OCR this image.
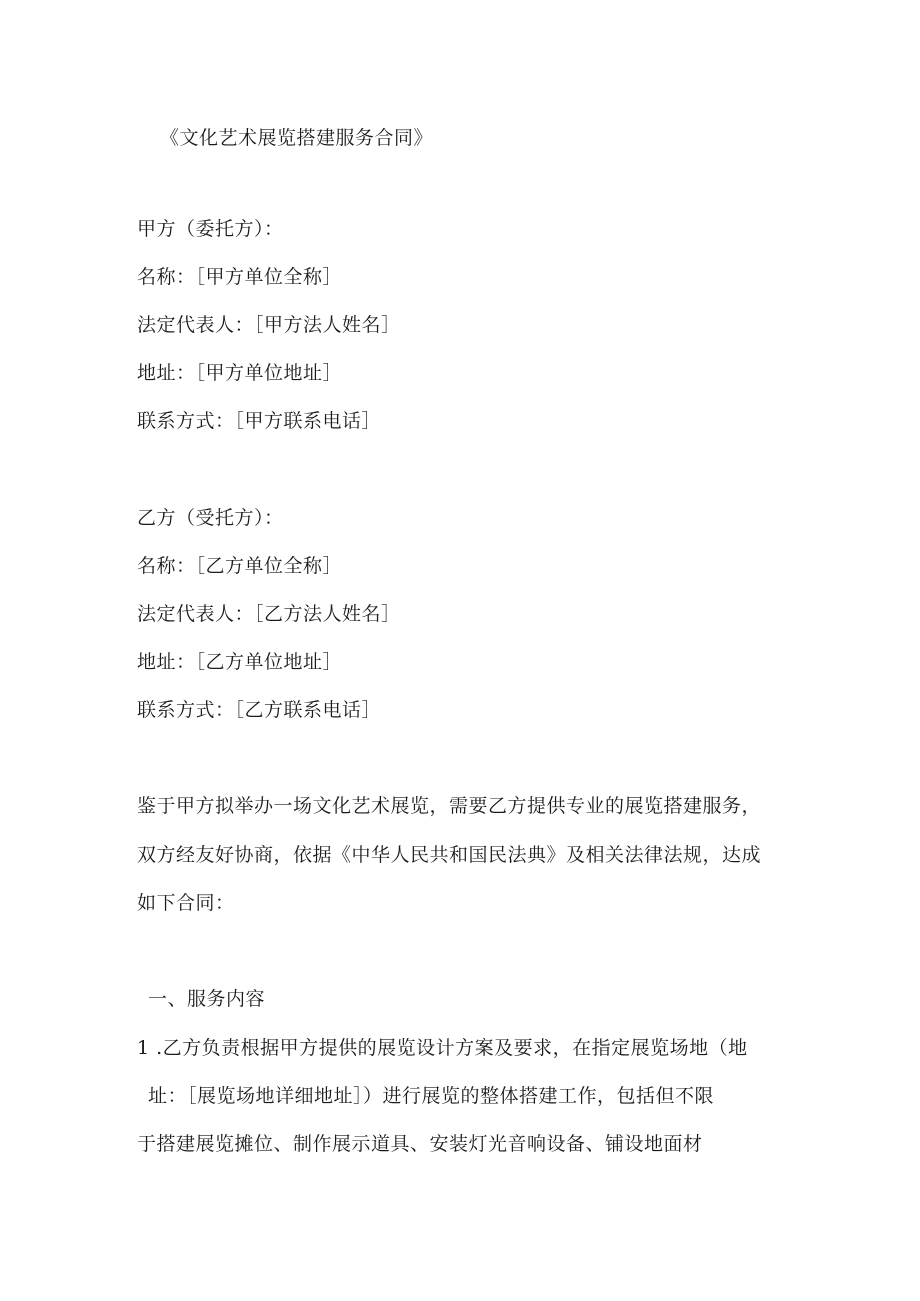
《文化艺术展览搭建服务合同》
甲方（委托方）：
名称：［甲方单位全称］
法定代表人：［甲方法人姓名］
地址：［甲方单位地址］
联系方式：［甲方联系电话］
乙方（受托方）：
名称：［乙方单位全称］
法定代表人：［乙方法人姓名］
地址：［乙方单位地址］
联系方式：［乙方联系电话］
鉴于甲方拟举办一场文化艺术展览，需要乙方提供专业的展览搭建服务，
双方经友好协商，依据《中华人民共和国民法典》及相关法律法规，达成
如下合同：
一、服务内容
1 .乙方负责根据甲方提供的展览设计方案及要求，在指定展览场地（地
址：［展览场地详细地址］）进行展览的整体搭建工作，包括但不限
于搭建展览摊位、制作展示道具、安装灯光音响设备、铺设地面材
